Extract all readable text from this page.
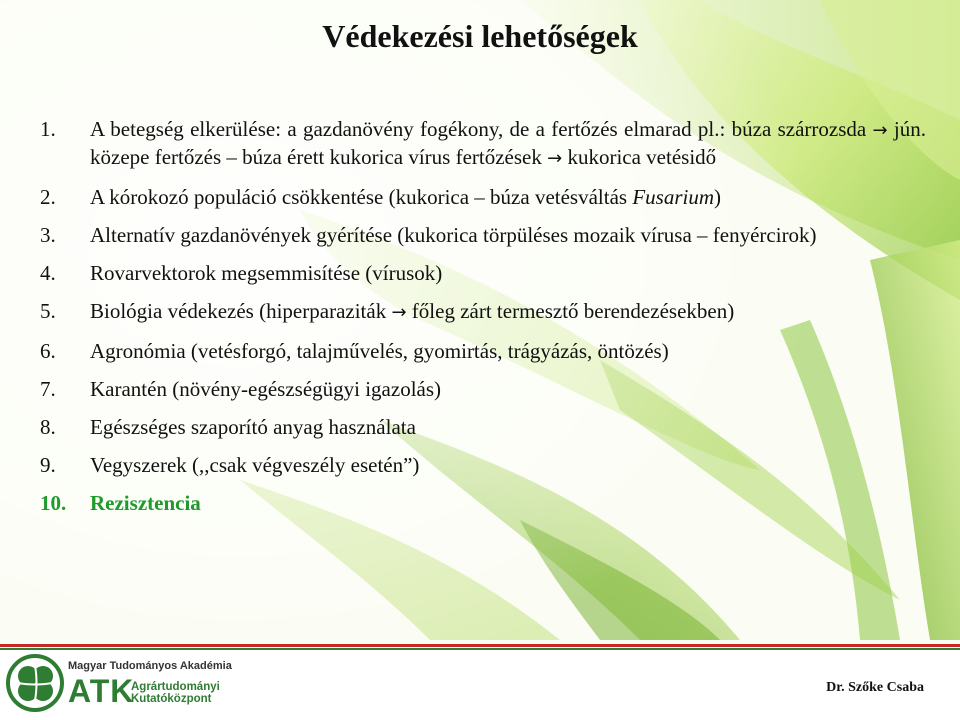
Védekezési lehetőségek
1. A betegség elkerülése: a gazdanövény fogékony, de a fertőzés elmarad pl.: búza szárrozsda → jún. közepe fertőzés – búza érett kukorica vírus fertőzések → kukorica vetésidő
2. A kórokozó populáció csökkentése (kukorica – búza vetésváltás Fusarium)
3. Alternatív gazdanövények gyérítése (kukorica törpüléses mozaik vírusa – fenyércirok)
4. Rovarvektorok megsemmisítése (vírusok)
5. Biológia védekezés (hiperparaziták → főleg zárt termesztő berendezésekben)
6. Agronómia (vetésforgó, talajművelés, gyomirtás, trágyázás, öntözés)
7. Karantén (növény-egészségügyi igazolás)
8. Egészséges szaporító anyag használata
9. Vegyszerek (,,csak végveszély esetén”)
10. Rezisztencia
Magyar Tudományos Akadémia
ATK
Agrártudományi
Kutatóközpont
Dr. Szőke Csaba
